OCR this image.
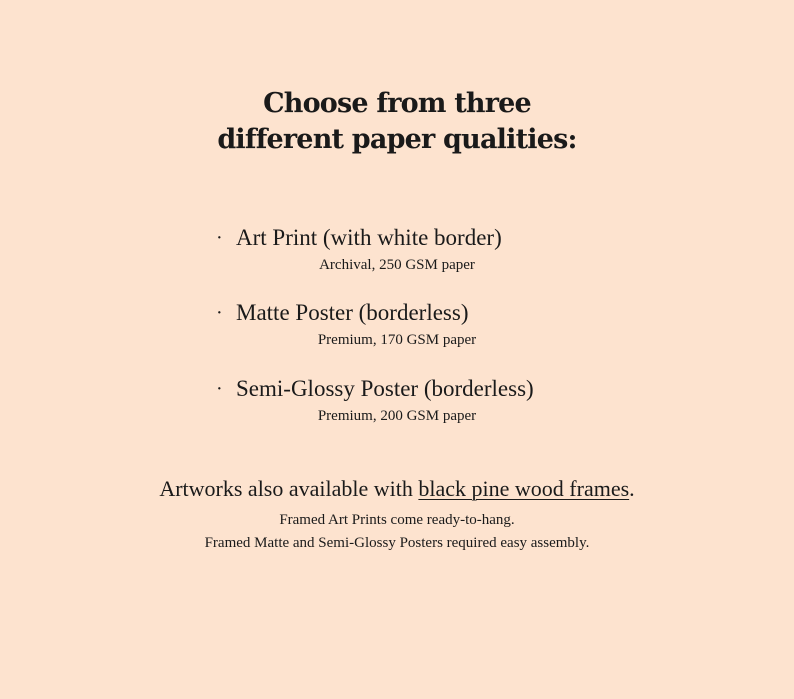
Choose from three
different paper qualities:
· Art Print (with white border)
Archival, 250 GSM paper
· Matte Poster (borderless)
Premium, 170 GSM paper
· Semi-Glossy Poster (borderless)
Premium, 200 GSM paper
Artworks also available with black pine wood frames.
Framed Art Prints come ready-to-hang.
Framed Matte and Semi-Glossy Posters required easy assembly.
